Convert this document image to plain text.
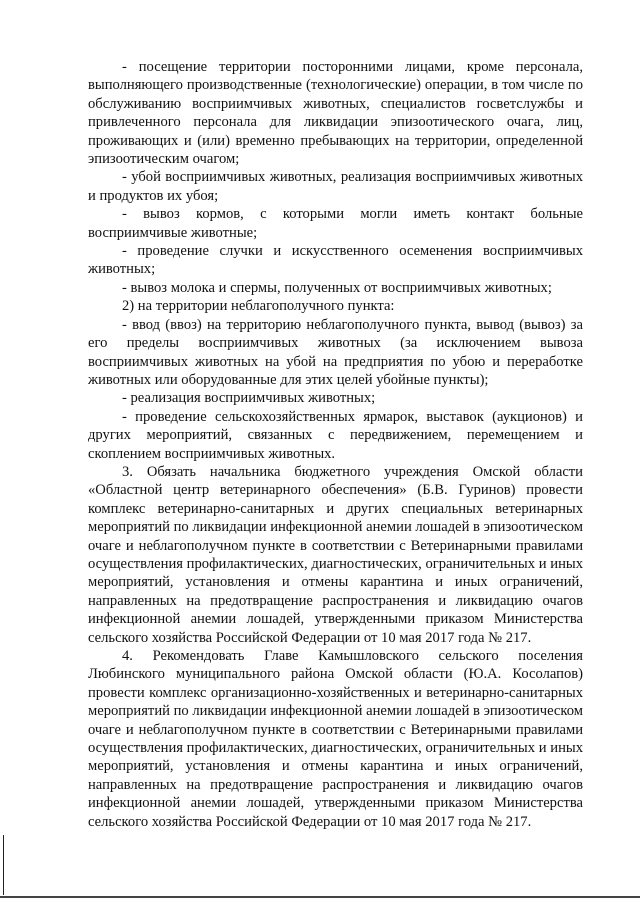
- посещение территории посторонними лицами, кроме персонала, выполняющего производственные (технологические) операции, в том числе по обслуживанию восприимчивых животных, специалистов госветслужбы и привлеченного персонала для ликвидации эпизоотического очага, лиц, проживающих и (или) временно пребывающих на территории, определенной эпизоотическим очагом;

- убой восприимчивых животных, реализация восприимчивых животных и продуктов их убоя;

- вывоз кормов, с которыми могли иметь контакт больные восприимчивые животные;

- проведение случки и искусственного осеменения восприимчивых животных;

- вывоз молока и спермы, полученных от восприимчивых животных;

2) на территории неблагополучного пункта:

- ввод (ввоз) на территорию неблагополучного пункта, вывод (вывоз) за его пределы восприимчивых животных (за исключением вывоза восприимчивых животных на убой на предприятия по убою и переработке животных или оборудованные для этих целей убойные пункты);

- реализация восприимчивых животных;

- проведение сельскохозяйственных ярмарок, выставок (аукционов) и других мероприятий, связанных с передвижением, перемещением и скоплением восприимчивых животных.

3. Обязать начальника бюджетного учреждения Омской области «Областной центр ветеринарного обеспечения» (Б.В. Гуринов) провести комплекс ветеринарно-санитарных и других специальных ветеринарных мероприятий по ликвидации инфекционной анемии лошадей в эпизоотическом очаге и неблагополучном пункте в соответствии с Ветеринарными правилами осуществления профилактических, диагностических, ограничительных и иных мероприятий, установления и отмены карантина и иных ограничений, направленных на предотвращение распространения и ликвидацию очагов инфекционной анемии лошадей, утвержденными приказом Министерства сельского хозяйства Российской Федерации от 10 мая 2017 года № 217.

4. Рекомендовать Главе Камышловского сельского поселения Любинского муниципального района Омской области (Ю.А. Косолапов) провести комплекс организационно-хозяйственных и ветеринарно-санитарных мероприятий по ликвидации инфекционной анемии лошадей в эпизоотическом очаге и неблагополучном пункте в соответствии с Ветеринарными правилами осуществления профилактических, диагностических, ограничительных и иных мероприятий, установления и отмены карантина и иных ограничений, направленных на предотвращение распространения и ликвидацию очагов инфекционной анемии лошадей, утвержденными приказом Министерства сельского хозяйства Российской Федерации от 10 мая 2017 года № 217.
